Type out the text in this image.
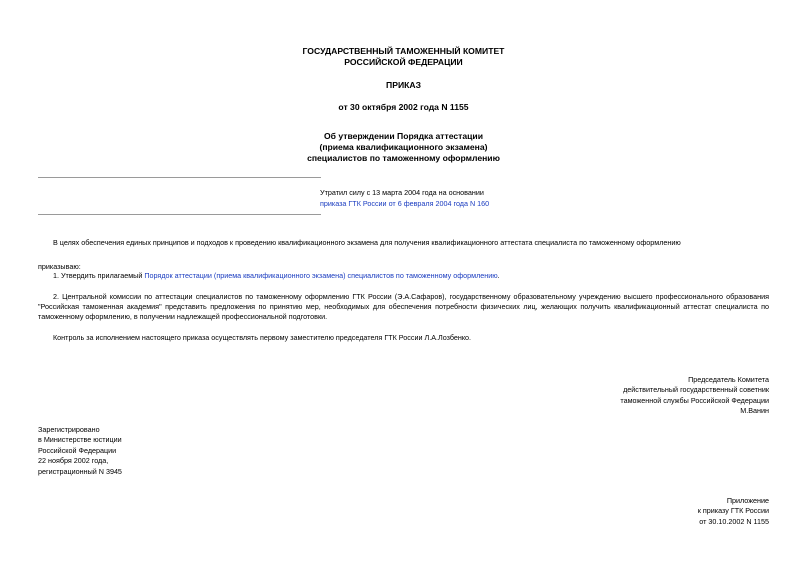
ГОСУДАРСТВЕННЫЙ ТАМОЖЕННЫЙ КОМИТЕТ
РОССИЙСКОЙ ФЕДЕРАЦИИ
ПРИКАЗ
от 30 октября 2002 года N 1155
Об утверждении Порядка аттестации
(приема квалификационного экзамена)
специалистов по таможенному оформлению
Утратил силу с 13 марта 2004 года на основании
приказа ГТК России от 6 февраля 2004 года N 160
В целях обеспечения единых принципов и подходов к проведению квалификационного экзамена для получения квалификационного аттестата специалиста по таможенному оформлению
приказываю:
1. Утвердить прилагаемый Порядок аттестации (приема квалификационного экзамена) специалистов по таможенному оформлению.
2. Центральной комиссии по аттестации специалистов по таможенному оформлению ГТК России (Э.А.Сафаров), государственному образовательному учреждению высшего профессионального образования "Российская таможенная академия" представить предложения по принятию мер, необходимых для обеспечения потребности физических лиц, желающих получить квалификационный аттестат специалиста по таможенному оформлению, в получении надлежащей профессиональной подготовки.
Контроль за исполнением настоящего приказа осуществлять первому заместителю председателя ГТК России Л.А.Лозбенко.
Председатель Комитета
действительный государственный советник
таможенной службы Российской Федерации
М.Ванин
Зарегистрировано
в Министерстве юстиции
Российской Федерации
22 ноября 2002 года,
регистрационный N 3945
Приложение
к приказу ГТК России
от 30.10.2002 N 1155
